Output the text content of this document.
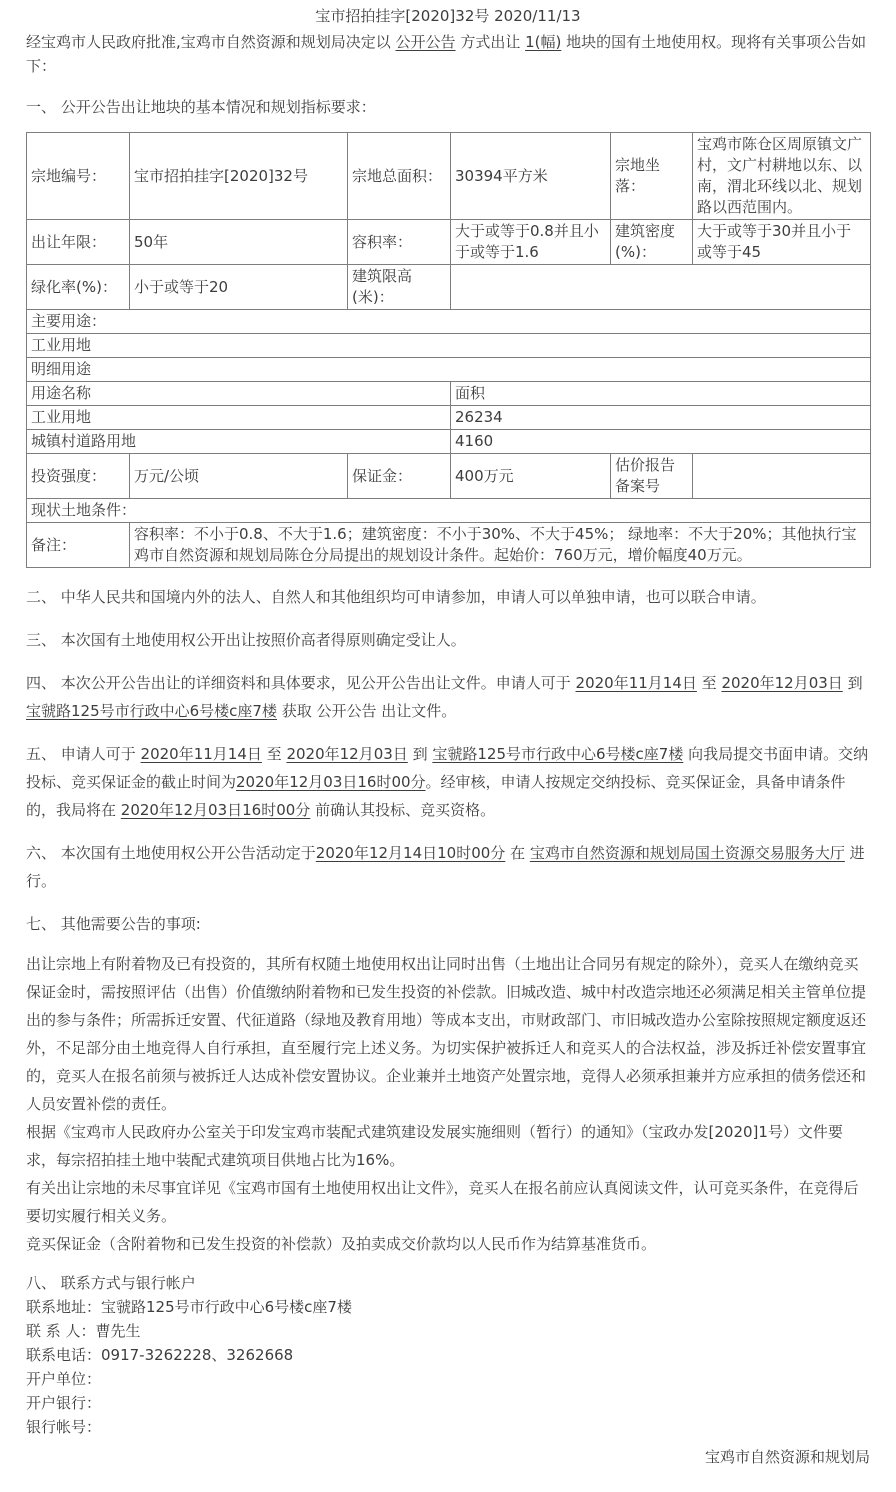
宝市招拍挂字[2020]32号 2020/11/13
经宝鸡市人民政府批准,宝鸡市自然资源和规划局决定以 公开公告 方式出让 1(幅) 地块的国有土地使用权。现将有关事项公告如下：
一、 公开公告出让地块的基本情况和规划指标要求：
宗地编号：	宝市招拍挂字[2020]32号	宗地总面积：	30394平方米	宗地坐落：	宝鸡市陈仓区周原镇文广村，文广村耕地以东、以南，渭北环线以北、规划路以西范围内。
出让年限：	50年	容积率：	大于或等于0.8并且小于或等于1.6	建筑密度(%)：	大于或等于30并且小于或等于45
绿化率(%)：	小于或等于20	建筑限高(米)：			
主要用途：					
工业用地					
明细用途					
用途名称			面积		
工业用地			26234		
城镇村道路用地			4160		
投资强度：	万元/公顷	保证金：	400万元	估价报告备案号	
现状土地条件：					
备注：	容积率：不小于0.8、不大于1.6；建筑密度：不小于30%、不大于45%； 绿地率：不大于20%；其他执行宝鸡市自然资源和规划局陈仓分局提出的规划设计条件。起始价：760万元，增价幅度40万元。				
二、 中华人民共和国境内外的法人、自然人和其他组织均可申请参加，申请人可以单独申请，也可以联合申请。
三、 本次国有土地使用权公开出让按照价高者得原则确定受让人。
四、 本次公开公告出让的详细资料和具体要求，见公开公告出让文件。申请人可于 2020年11月14日 至 2020年12月03日 到 宝虢路125号市行政中心6号楼c座7楼 获取 公开公告 出让文件。
五、 申请人可于 2020年11月14日 至 2020年12月03日 到 宝虢路125号市行政中心6号楼c座7楼 向我局提交书面申请。交纳投标、竞买保证金的截止时间为2020年12月03日16时00分。经审核，申请人按规定交纳投标、竞买保证金，具备申请条件的，我局将在 2020年12月03日16时00分 前确认其投标、竞买资格。
六、 本次国有土地使用权公开公告活动定于2020年12月14日10时00分 在 宝鸡市自然资源和规划局国土资源交易服务大厅 进行。
七、 其他需要公告的事项:
出让宗地上有附着物及已有投资的，其所有权随土地使用权出让同时出售（土地出让合同另有规定的除外），竞买人在缴纳竞买保证金时，需按照评估（出售）价值缴纳附着物和已发生投资的补偿款。旧城改造、城中村改造宗地还必须满足相关主管单位提出的参与条件；所需拆迁安置、代征道路（绿地及教育用地）等成本支出，市财政部门、市旧城改造办公室除按照规定额度返还外，不足部分由土地竞得人自行承担，直至履行完上述义务。为切实保护被拆迁人和竞买人的合法权益，涉及拆迁补偿安置事宜的，竞买人在报名前须与被拆迁人达成补偿安置协议。企业兼并土地资产处置宗地，竞得人必须承担兼并方应承担的债务偿还和人员安置补偿的责任。
根据《宝鸡市人民政府办公室关于印发宝鸡市装配式建筑建设发展实施细则（暂行）的通知》（宝政办发[2020]1号）文件要求，每宗招拍挂土地中装配式建筑项目供地占比为16%。
有关出让宗地的未尽事宜详见《宝鸡市国有土地使用权出让文件》，竞买人在报名前应认真阅读文件，认可竞买条件，在竞得后要切实履行相关义务。
竞买保证金（含附着物和已发生投资的补偿款）及拍卖成交价款均以人民币作为结算基准货币。
八、 联系方式与银行帐户
联系地址：宝虢路125号市行政中心6号楼c座7楼
联 系 人：曹先生
联系电话：0917-3262228、3262668
开户单位：
开户银行：
银行帐号：
宝鸡市自然资源和规划局
